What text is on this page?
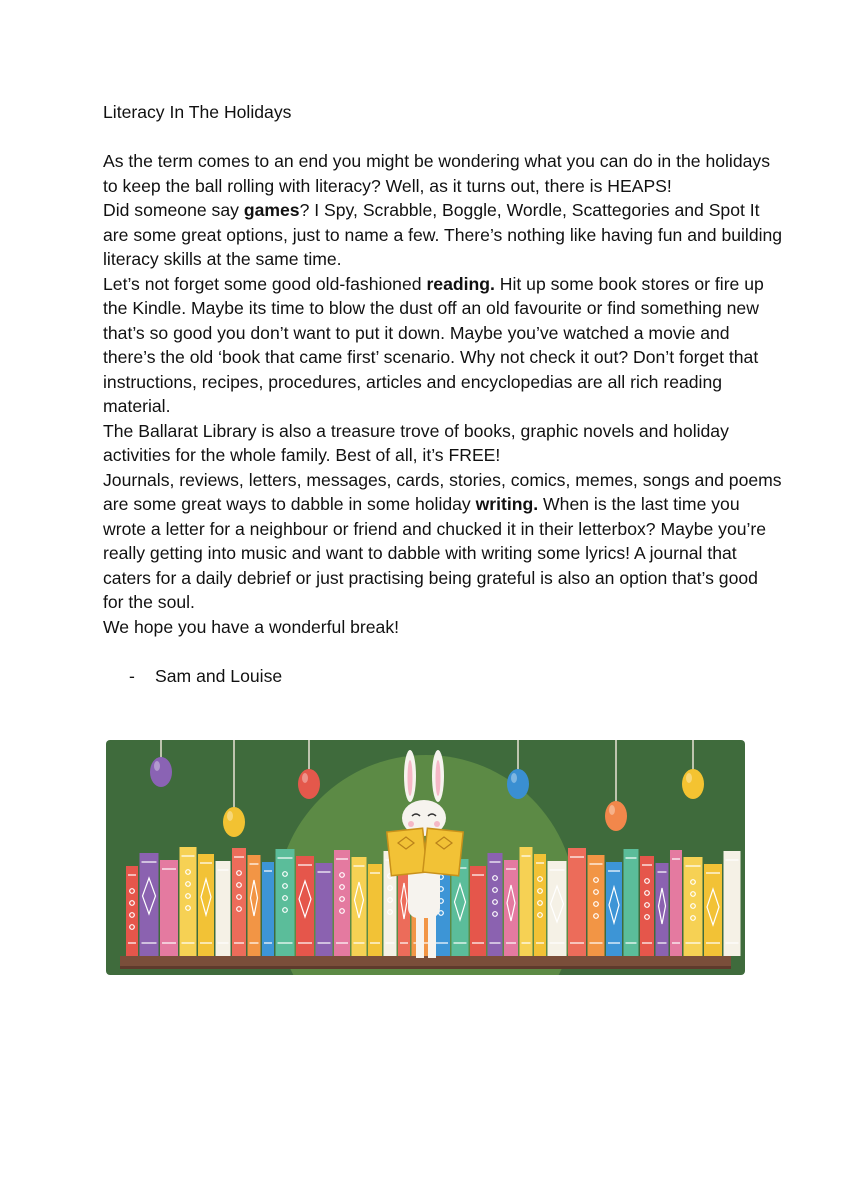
Literacy In The Holidays

As the term comes to an end you might be wondering what you can do in the holidays to keep the ball rolling with literacy? Well, as it turns out, there is HEAPS!

Did someone say games? I Spy, Scrabble, Boggle, Wordle, Scattegories and Spot It are some great options, just to name a few. There’s nothing like having fun and building literacy skills at the same time.

Let’s not forget some good old-fashioned reading. Hit up some book stores or fire up the Kindle. Maybe its time to blow the dust off an old favourite or find something new that’s so good you don’t want to put it down. Maybe you’ve watched a movie and there’s the old ‘book that came first’ scenario. Why not check it out? Don’t forget that instructions, recipes, procedures, articles and encyclopedias are all rich reading material.

The Ballarat Library is also a treasure trove of books, graphic novels and holiday activities for the whole family. Best of all, it’s FREE!

Journals, reviews, letters, messages, cards, stories, comics, memes, songs and poems are some great ways to dabble in some holiday writing. When is the last time you wrote a letter for a neighbour or friend and chucked it in their letterbox? Maybe you’re really getting into music and want to dabble with writing some lyrics! A journal that caters for a daily debrief or just practising being grateful is also an option that’s good for the soul.

We hope you have a wonderful break!

-	Sam and Louise
